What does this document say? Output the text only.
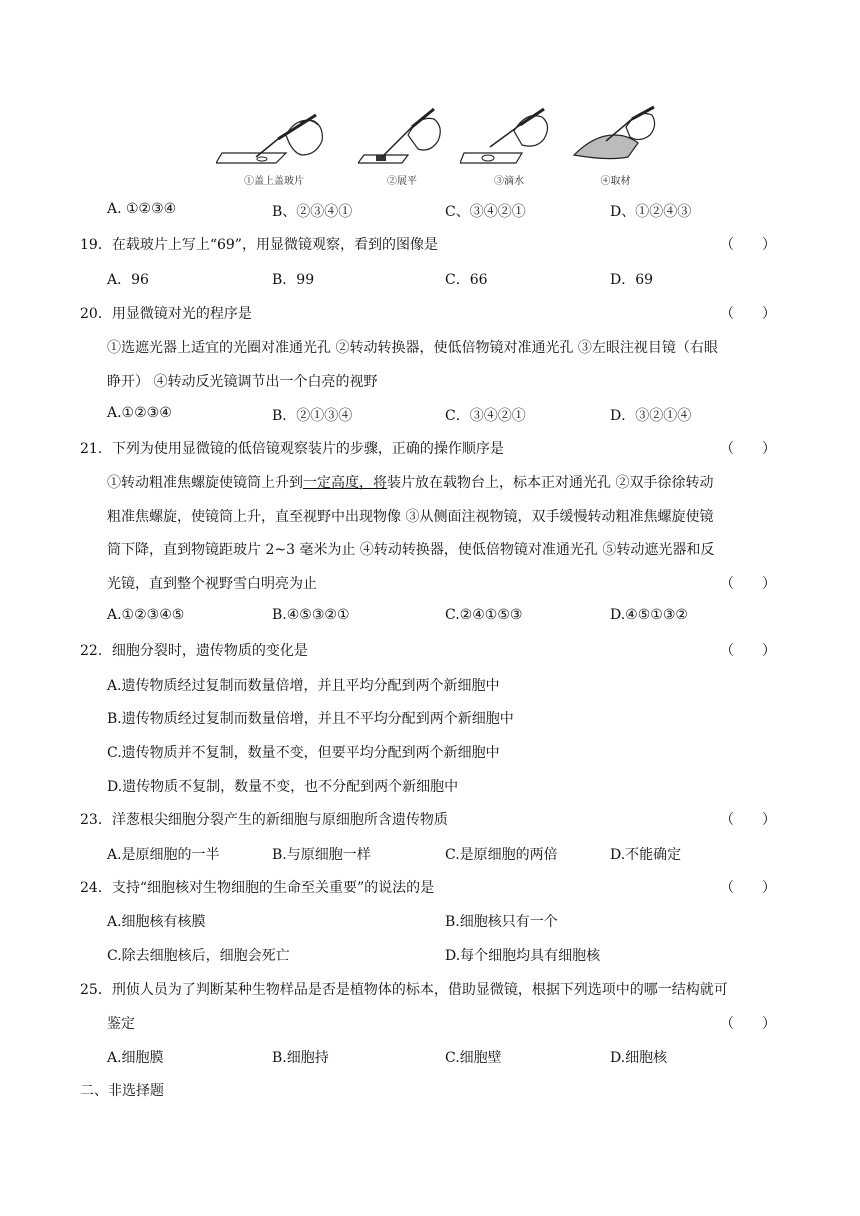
①盖上盖玻片	②展平	③滴水	④取材
A. ①②③④	B、②③④①	C、③④②①	D、①②④③
19．在载玻片上写上“69”，用显微镜观察，看到的图像是	（　　）
A．96	B．99	C．66	D．69
20．用显微镜对光的程序是	（　　）
①选遮光器上适宜的光圈对准通光孔 ②转动转换器，使低倍物镜对准通光孔 ③左眼注视目镜（右眼
睁开） ④转动反光镜调节出一个白亮的视野
A.①②③④	B．②①③④	C．③④②①	D．③②①④
21．下列为使用显微镜的低倍镜观察装片的步骤，正确的操作顺序是	（　　）
①转动粗准焦螺旋使镜筒上升到一定高度，将装片放在载物台上，标本正对通光孔 ②双手徐徐转动
粗准焦螺旋，使镜筒上升，直至视野中出现物像 ③从侧面注视物镜，双手缓慢转动粗准焦螺旋使镜
筒下降，直到物镜距玻片 2~3 毫米为止 ④转动转换器，使低倍物镜对准通光孔 ⑤转动遮光器和反
光镜，直到整个视野雪白明亮为止	（　　）
A.①②③④⑤	B.④⑤③②①	C.②④①⑤③	D.④⑤①③②
22．细胞分裂时，遗传物质的变化是	（　　）
A.遗传物质经过复制而数量倍增，并且平均分配到两个新细胞中
B.遗传物质经过复制而数量倍增，并且不平均分配到两个新细胞中
C.遗传物质并不复制，数量不变，但要平均分配到两个新细胞中
D.遗传物质不复制，数量不变，也不分配到两个新细胞中
23．洋葱根尖细胞分裂产生的新细胞与原细胞所含遗传物质	（　　）
A.是原细胞的一半	B.与原细胞一样	C.是原细胞的两倍	D.不能确定
24．支持“细胞核对生物细胞的生命至关重要”的说法的是	（　　）
A.细胞核有核膜	B.细胞核只有一个
C.除去细胞核后，细胞会死亡	D.每个细胞均具有细胞核
25．刑侦人员为了判断某种生物样品是否是植物体的标本，借助显微镜，根据下列选项中的哪一结构就可
鉴定	（　　）
A.细胞膜	B.细胞持	C.细胞壁	D.细胞核
二、非选择题
